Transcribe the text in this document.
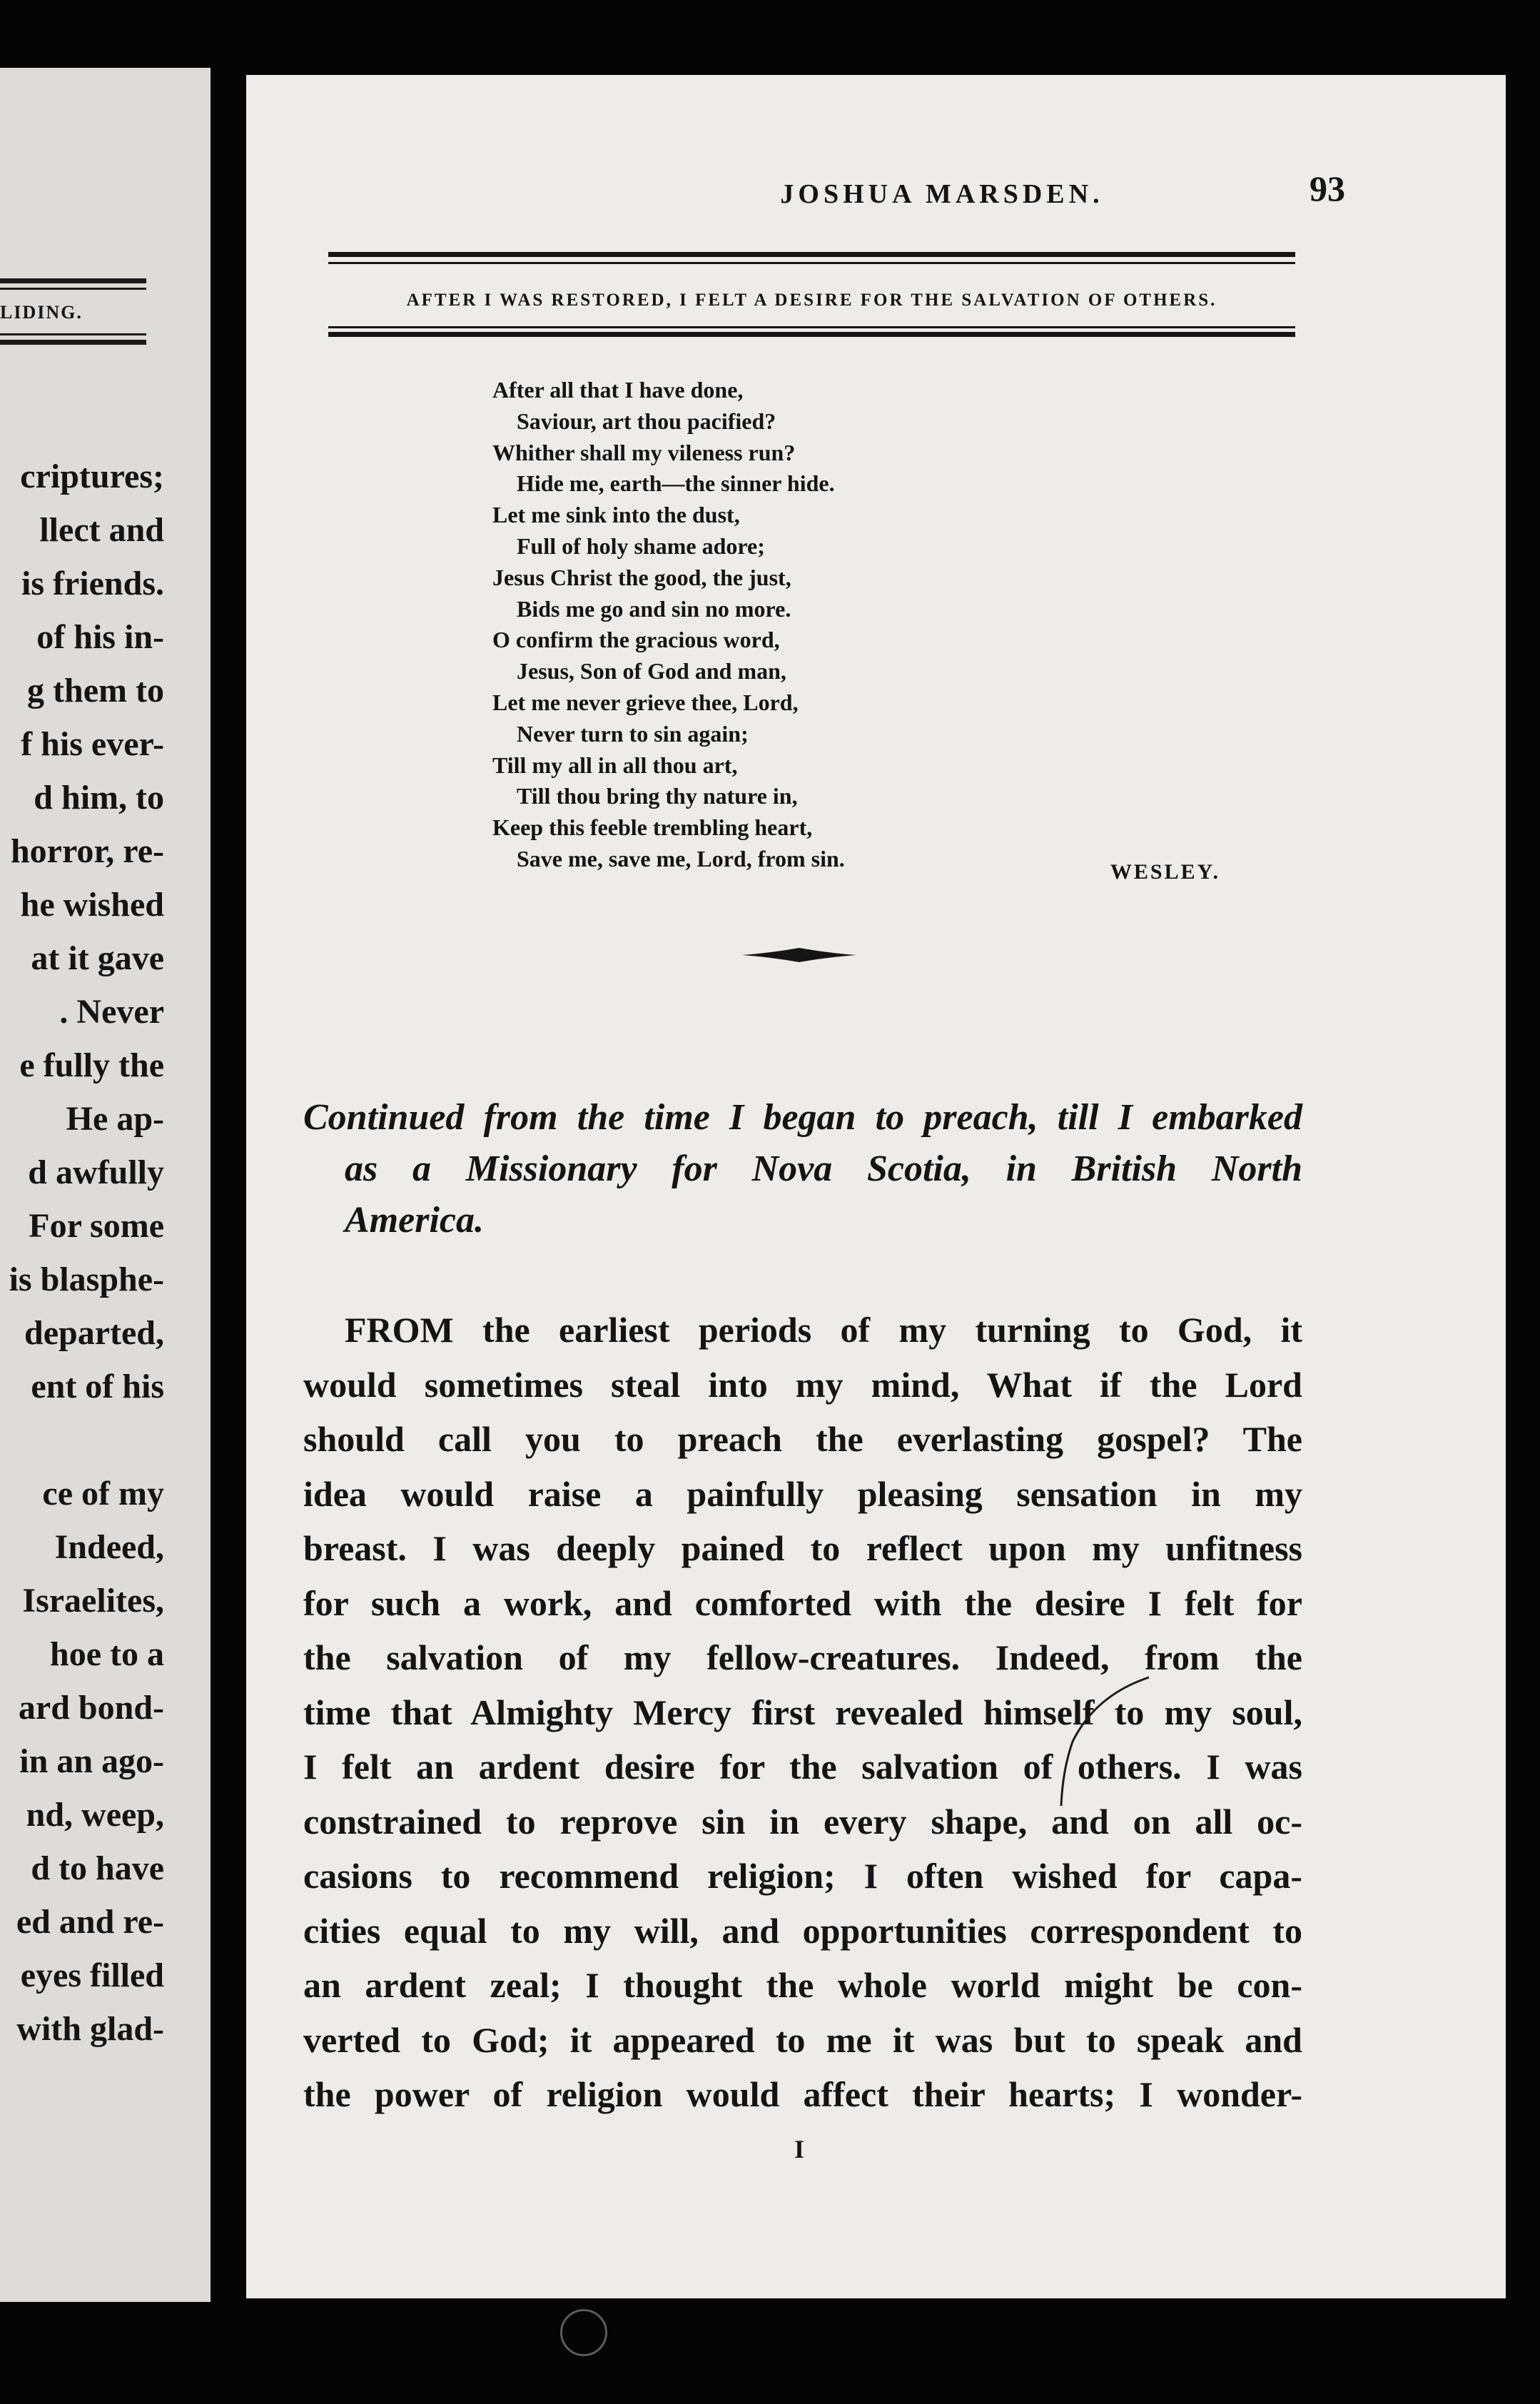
LIDING.
criptures;
llect and
is friends.
of his in-
g them to
f his ever-
d him, to
horror, re-
he wished
at it gave
. Never
e fully the
He ap-
d awfully
For some
is blasphe-
departed,
ent of his
ce of my
Indeed,
Israelites,
hoe to a
ard bond-
in an ago-
nd, weep,
d to have
ed and re-
eyes filled
with glad-
JOSHUA MARSDEN.	93
AFTER I WAS RESTORED, I FELT A DESIRE FOR THE SALVATION OF OTHERS.
After all that I have done,
Saviour, art thou pacified?
Whither shall my vileness run?
Hide me, earth—the sinner hide.
Let me sink into the dust,
Full of holy shame adore;
Jesus Christ the good, the just,
Bids me go and sin no more.
O confirm the gracious word,
Jesus, Son of God and man,
Let me never grieve thee, Lord,
Never turn to sin again;
Till my all in all thou art,
Till thou bring thy nature in,
Keep this feeble trembling heart,
Save me, save me, Lord, from sin.
WESLEY.
Continued from the time I began to preach, till I embarked
as a Missionary for Nova Scotia, in British North
America.
FROM the earliest periods of my turning to God, it
would sometimes steal into my mind, What if the Lord
should call you to preach the everlasting gospel? The
idea would raise a painfully pleasing sensation in my
breast. I was deeply pained to reflect upon my unfitness
for such a work, and comforted with the desire I felt for
the salvation of my fellow-creatures. Indeed, from the
time that Almighty Mercy first revealed himself to my soul,
I felt an ardent desire for the salvation of others. I was
constrained to reprove sin in every shape, and on all oc-
casions to recommend religion; I often wished for capa-
cities equal to my will, and opportunities correspondent to
an ardent zeal; I thought the whole world might be con-
verted to God; it appeared to me it was but to speak and
the power of religion would affect their hearts; I wonder-
I
